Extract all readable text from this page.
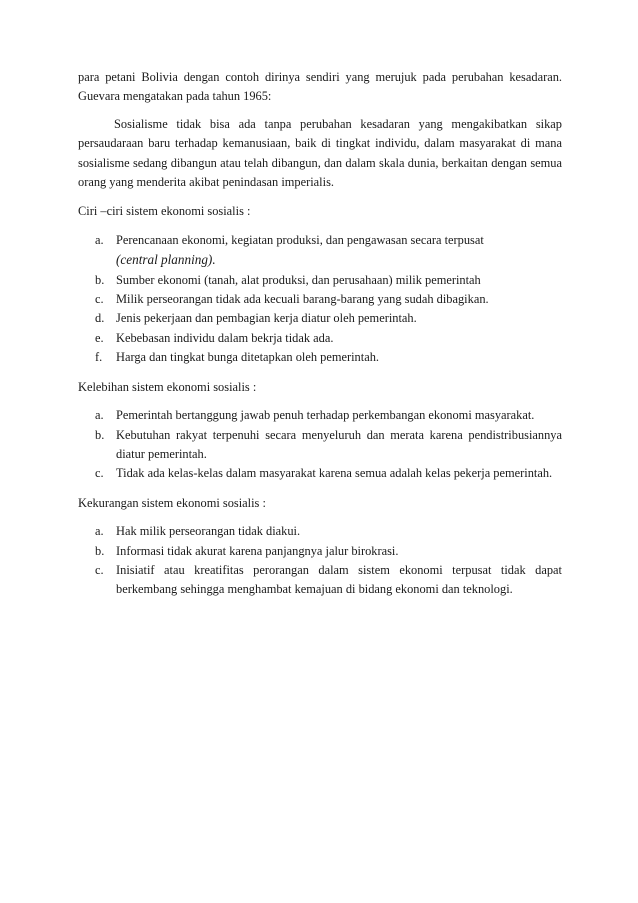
para petani Bolivia dengan contoh dirinya sendiri yang merujuk pada perubahan kesadaran. Guevara mengatakan pada tahun 1965:

Sosialisme tidak bisa ada tanpa perubahan kesadaran yang mengakibatkan sikap persaudaraan baru terhadap kemanusiaan, baik di tingkat individu, dalam masyarakat di mana sosialisme sedang dibangun atau telah dibangun, dan dalam skala dunia, berkaitan dengan semua orang yang menderita akibat penindasan imperialis.

Ciri –ciri sistem ekonomi sosialis :

a. Perencanaan ekonomi, kegiatan produksi, dan pengawasan secara terpusat
(central planning).
b. Sumber ekonomi (tanah, alat produksi, dan perusahaan) milik pemerintah
c. Milik perseorangan tidak ada kecuali barang-barang yang sudah dibagikan.
d. Jenis pekerjaan dan pembagian kerja diatur oleh pemerintah.
e. Kebebasan individu dalam bekrja tidak ada.
f. Harga dan tingkat bunga ditetapkan oleh pemerintah.

Kelebihan sistem ekonomi sosialis :

a. Pemerintah bertanggung jawab penuh terhadap perkembangan ekonomi masyarakat.
b. Kebutuhan rakyat terpenuhi secara menyeluruh dan merata karena pendistribusiannya diatur pemerintah.
c. Tidak ada kelas-kelas dalam masyarakat karena semua adalah kelas pekerja pemerintah.

Kekurangan sistem ekonomi sosialis :

a. Hak milik perseorangan tidak diakui.
b. Informasi tidak akurat karena panjangnya jalur birokrasi.
c. Inisiatif atau kreatifitas perorangan dalam sistem ekonomi terpusat tidak dapat berkembang sehingga menghambat kemajuan di bidang ekonomi dan teknologi.
